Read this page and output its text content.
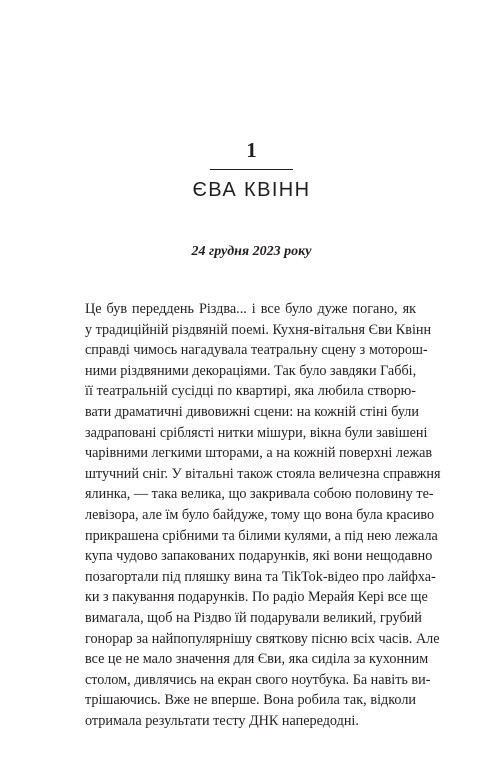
1
ЄВА КВІНН
24 грудня 2023 року
Це був переддень Різдва... і все було дуже погано, як
у традиційній різдвяній поемі. Кухня-вітальня Єви Квінн
справді чимось нагадувала театральну сцену з моторош-
ними різдвяними декораціями. Так було завдяки Габбі,
її театральній сусідці по квартирі, яка любила створю-
вати драматичні дивовижні сцени: на кожній стіні були
задраповані сріблясті нитки мішури, вікна були завішені
чарівними легкими шторами, а на кожній поверхні лежав
штучний сніг. У вітальні також стояла величезна справжня
ялинка, — така велика, що закривала собою половину те-
левізора, але їм було байдуже, тому що вона була красиво
прикрашена срібними та білими кулями, а під нею лежала
купа чудово запакованих подарунків, які вони нещодавно
позагортали під пляшку вина та TikTok-відео про лайфха-
ки з пакування подарунків. По радіо Мерайя Кері все ще
вимагала, щоб на Різдво їй подарували великий, грубий
гонорар за найпопулярнішу святкову пісню всіх часів. Але
все це не мало значення для Єви, яка сиділа за кухонним
столом, дивлячись на екран свого ноутбука. Ба навіть ви-
трішаючись. Вже не вперше. Вона робила так, відколи
отримала результати тесту ДНК напередодні.
